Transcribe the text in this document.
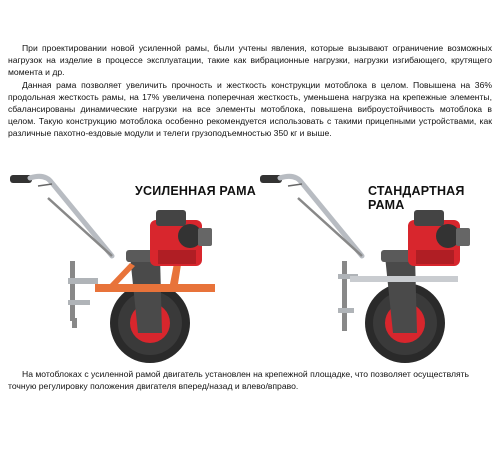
При проектировании новой усиленной рамы, были учтены явления, которые вызывают ограничение возможных нагрузок на изделие в процессе эксплуатации, такие как вибрационные нагрузки, нагрузки изгибающего, крутящего момента и др.

Данная рама позволяет увеличить прочность и жесткость конструкции мотоблока в целом. Повышена на 36% продольная жесткость рамы, на 17% увеличена поперечная жесткость, уменьшена нагрузка на крепежные элементы, сбалансированы динамические нагрузки на все элементы мотоблока, повышена виброустойчивость мотоблока в целом. Такую конструкцию мотоблока особенно рекомендуется использовать с такими прицепными устройствами, как различные пахотно-ездовые модули и телеги грузоподъемностью 350 кг и выше.

УСИЛЕННАЯ РАМА	СТАНДАРТНАЯ РАМА

На мотоблоках с усиленной рамой двигатель установлен на крепежной площадке, что позволяет осуществлять точную регулировку положения двигателя вперед/назад и влево/вправо.
